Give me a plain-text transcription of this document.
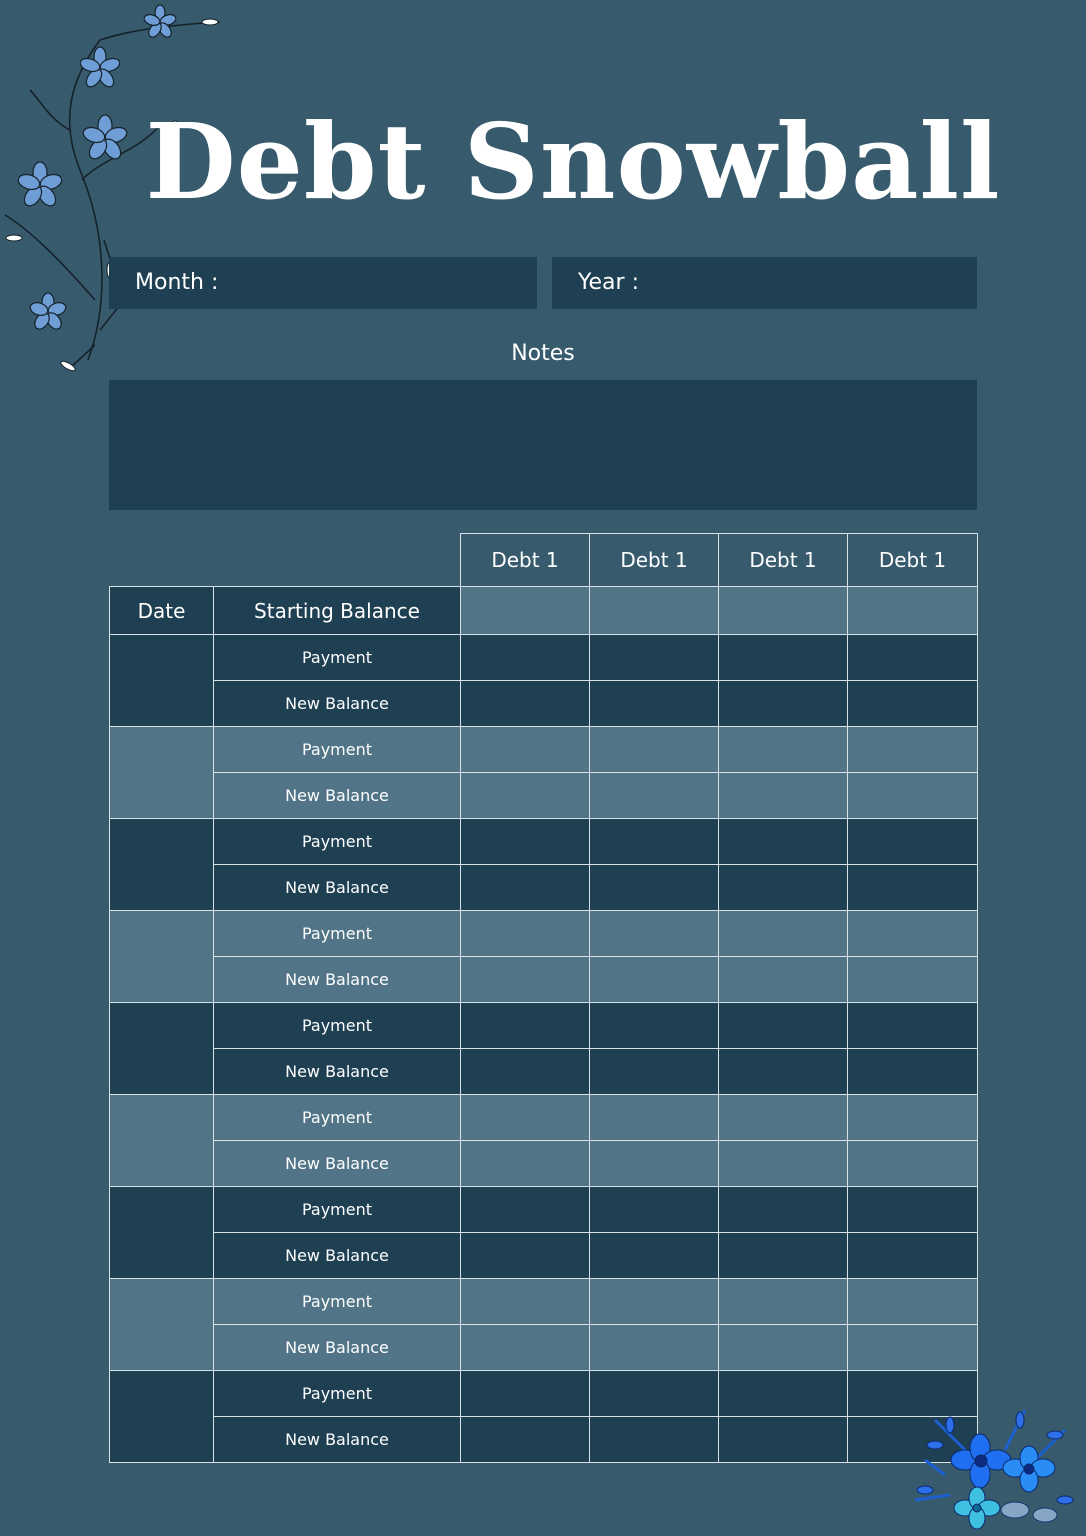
Debt Snowball
Month :	Year :
Notes
		Debt 1	Debt 1	Debt 1	Debt 1
Date	Starting Balance				
	Payment				
	New Balance				
	Payment				
	New Balance				
	Payment				
	New Balance				
	Payment				
	New Balance				
	Payment				
	New Balance				
	Payment				
	New Balance				
	Payment				
	New Balance				
	Payment				
	New Balance				
	Payment				
	New Balance				
